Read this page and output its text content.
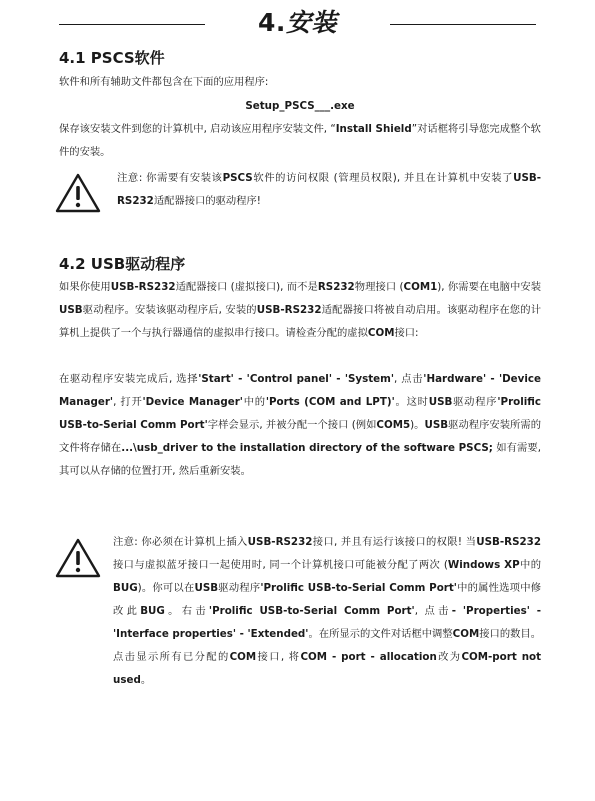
4.安装
4.1 PSCS软件
软件和所有辅助文件都包含在下面的应用程序:
Setup_PSCS___.exe
保存该安装文件到您的计算机中, 启动该应用程序安装文件, “Install Shield”对话框将引导您完成整个软件的安装。
注意: 你需要有安装该PSCS软件的访问权限 (管理员权限), 并且在计算机中安装了USB-RS232适配器接口的驱动程序!
4.2 USB驱动程序
如果你使用USB-RS232适配器接口 (虚拟接口), 而不是RS232物理接口 (COM1), 你需要在电脑中安装USB驱动程序。安装该驱动程序后, 安装的USB-RS232适配器接口将被自动启用。该驱动程序在您的计算机上提供了一个与执行器通信的虚拟串行接口。请检查分配的虚拟COM接口:
在驱动程序安装完成后, 选择'Start' - 'Control panel' - 'System', 点击'Hardware' - 'Device Manager', 打开'Device Manager'中的'Ports (COM and LPT)'。这时USB驱动程序'Prolific USB-to-Serial Comm Port'字样会显示, 并被分配一个接口 (例如COM5)。USB驱动程序安装所需的文件将存储在...\usb_driver to the installation directory of the software PSCS; 如有需要, 其可以从存储的位置打开, 然后重新安装。
注意: 你必须在计算机上插入USB-RS232接口, 并且有运行该接口的权限! 当USB-RS232接口与虚拟蓝牙接口一起使用时, 同一个计算机接口可能被分配了两次 (Windows XP中的BUG)。你可以在USB驱动程序'Prolific USB-to-Serial Comm Port'中的属性选项中修改此BUG。右击'Prolific USB-to-Serial Comm Port', 点击- 'Properties' - 'Interface properties' - 'Extended'。在所显示的文件对话框中调整COM接口的数目。点击显示所有已分配的COM接口, 将COM - port - allocation改为COM-port not used。
